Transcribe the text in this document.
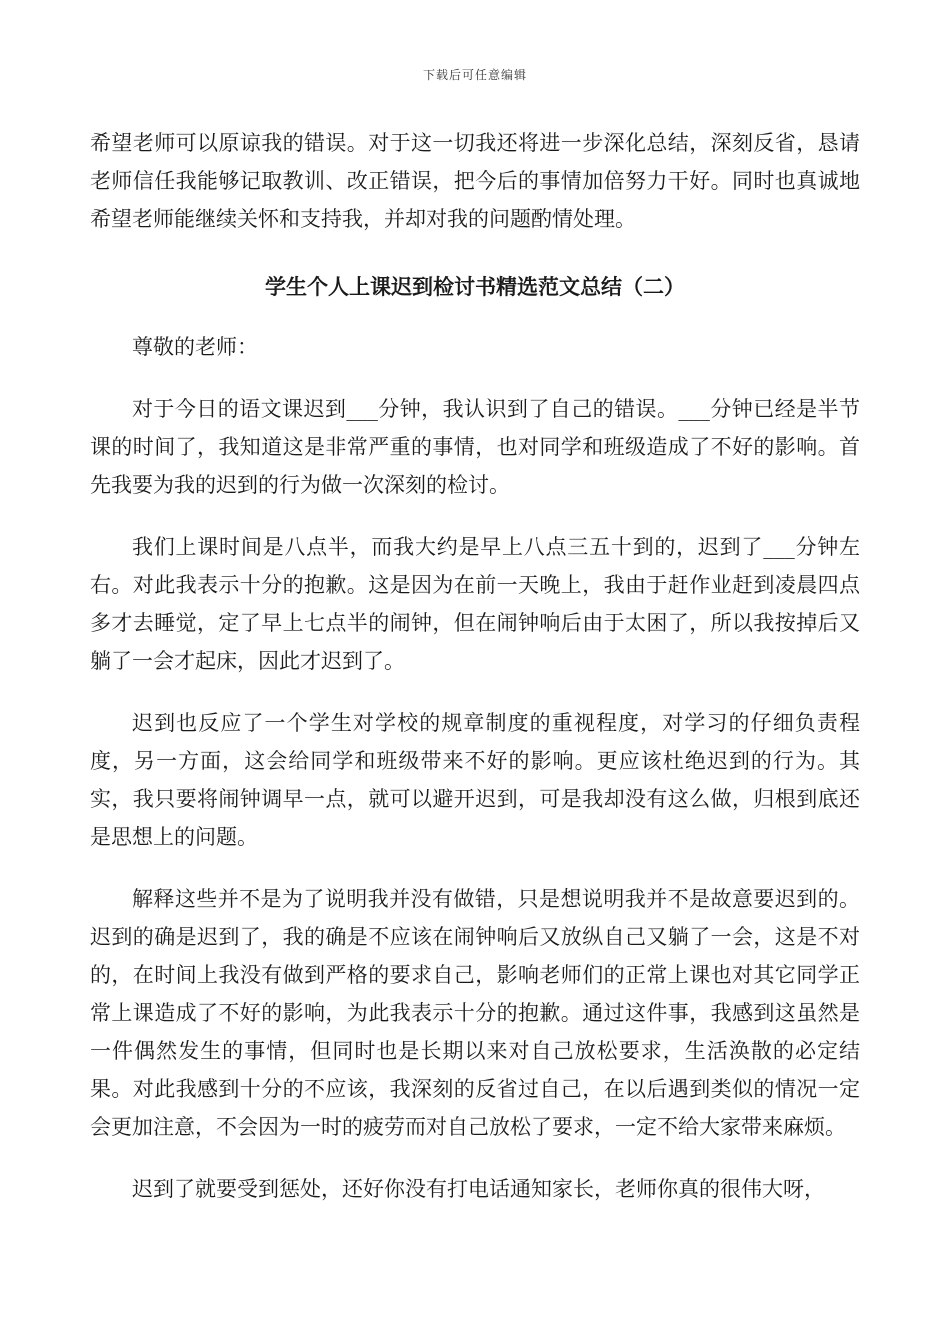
下载后可任意编辑

希望老师可以原谅我的错误。对于这一切我还将进一步深化总结，深刻反省，恳请老师信任我能够记取教训、改正错误，把今后的事情加倍努力干好。同时也真诚地希望老师能继续关怀和支持我，并却对我的问题酌情处理。

学生个人上课迟到检讨书精选范文总结（二）

尊敬的老师：

对于今日的语文课迟到___分钟，我认识到了自己的错误。___分钟已经是半节课的时间了，我知道这是非常严重的事情，也对同学和班级造成了不好的影响。首先我要为我的迟到的行为做一次深刻的检讨。

我们上课时间是八点半，而我大约是早上八点三五十到的，迟到了___分钟左右。对此我表示十分的抱歉。这是因为在前一天晚上，我由于赶作业赶到凌晨四点多才去睡觉，定了早上七点半的闹钟，但在闹钟响后由于太困了，所以我按掉后又躺了一会才起床，因此才迟到了。

迟到也反应了一个学生对学校的规章制度的重视程度，对学习的仔细负责程度，另一方面，这会给同学和班级带来不好的影响。更应该杜绝迟到的行为。其实，我只要将闹钟调早一点，就可以避开迟到，可是我却没有这么做，归根到底还是思想上的问题。

解释这些并不是为了说明我并没有做错，只是想说明我并不是故意要迟到的。迟到的确是迟到了，我的确是不应该在闹钟响后又放纵自己又躺了一会，这是不对的，在时间上我没有做到严格的要求自己，影响老师们的正常上课也对其它同学正常上课造成了不好的影响，为此我表示十分的抱歉。通过这件事，我感到这虽然是一件偶然发生的事情，但同时也是长期以来对自己放松要求，生活涣散的必定结果。对此我感到十分的不应该，我深刻的反省过自己，在以后遇到类似的情况一定会更加注意，不会因为一时的疲劳而对自己放松了要求，一定不给大家带来麻烦。

迟到了就要受到惩处，还好你没有打电话通知家长，老师你真的很伟大呀，
